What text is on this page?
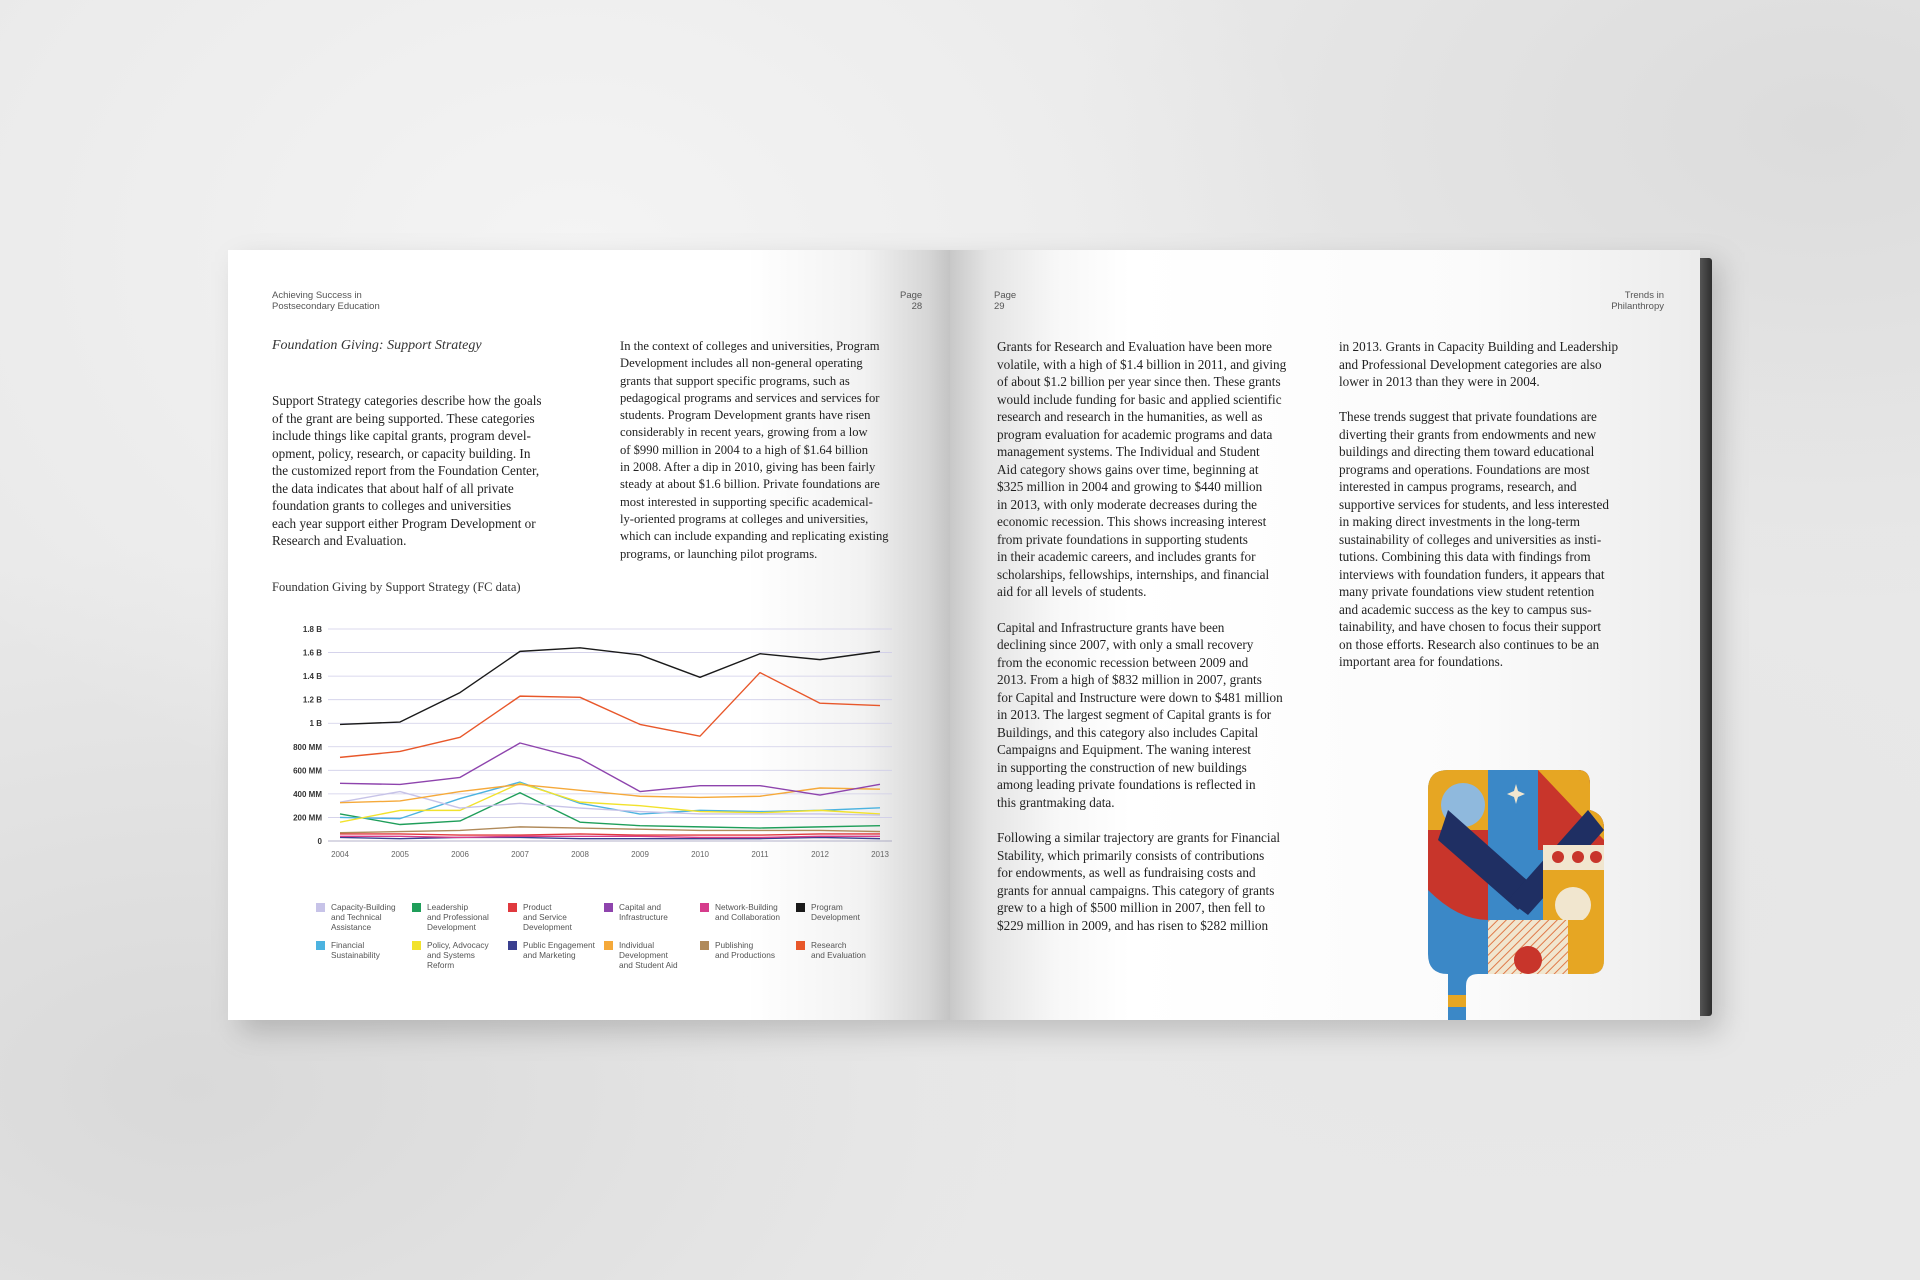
Achieving Success in
Postsecondary Education
Page
28
Foundation Giving: Support Strategy

Support Strategy categories describe how the goals
of the grant are being supported. These categories
include things like capital grants, program devel-
opment, policy, research, or capacity building. In
the customized report from the Foundation Center,
the data indicates that about half of all private
foundation grants to colleges and universities
each year support either Program Development or
Research and Evaluation.

In the context of colleges and universities, Program
Development includes all non-general operating
grants that support specific programs, such as
pedagogical programs and services and services for
students. Program Development grants have risen
considerably in recent years, growing from a low
of $990 million in 2004 to a high of $1.64 billion
in 2008. After a dip in 2010, giving has been fairly
steady at about $1.6 billion. Private foundations are
most interested in supporting specific academical-
ly-oriented programs at colleges and universities,
which can include expanding and replicating existing
programs, or launching pilot programs.

Foundation Giving by Support Strategy (FC data)
0
200 MM
400 MM
600 MM
800 MM
1 B
1.2 B
1.4 B
1.6 B
1.8 B
2004	2005	2006	2007	2008	2009	2010	2011	2012	2013
Capacity-Building
and Technical
Assistance
Leadership
and Professional
Development
Product
and Service
Development
Capital and
Infrastructure
Network-Building
and Collaboration
Program
Development
Financial
Sustainability
Policy, Advocacy
and Systems
Reform
Public Engagement
and Marketing
Individual Development
and Student Aid
Publishing
and Productions
Research
and Evaluation
Page
29
Trends in
Philanthropy

Grants for Research and Evaluation have been more
volatile, with a high of $1.4 billion in 2011, and giving
of about $1.2 billion per year since then. These grants
would include funding for basic and applied scientific
research and research in the humanities, as well as
program evaluation for academic programs and data
management systems. The Individual and Student
Aid category shows gains over time, beginning at
$325 million in 2004 and growing to $440 million
in 2013, with only moderate decreases during the
economic recession. This shows increasing interest
from private foundations in supporting students
in their academic careers, and includes grants for
scholarships, fellowships, internships, and financial
aid for all levels of students.

Capital and Infrastructure grants have been
declining since 2007, with only a small recovery
from the economic recession between 2009 and
2013. From a high of $832 million in 2007, grants
for Capital and Instructure were down to $481 million
in 2013. The largest segment of Capital grants is for
Buildings, and this category also includes Capital
Campaigns and Equipment. The waning interest
in supporting the construction of new buildings
among leading private foundations is reflected in
this grantmaking data.

Following a similar trajectory are grants for Financial
Stability, which primarily consists of contributions
for endowments, as well as fundraising costs and
grants for annual campaigns. This category of grants
grew to a high of $500 million in 2007, then fell to
$229 million in 2009, and has risen to $282 million

in 2013. Grants in Capacity Building and Leadership
and Professional Development categories are also
lower in 2013 than they were in 2004.

These trends suggest that private foundations are
diverting their grants from endowments and new
buildings and directing them toward educational
programs and operations. Foundations are most
interested in campus programs, research, and
supportive services for students, and less interested
in making direct investments in the long-term
sustainability of colleges and universities as insti-
tutions. Combining this data with findings from
interviews with foundation funders, it appears that
many private foundations view student retention
and academic success as the key to campus sus-
tainability, and have chosen to focus their support
on those efforts. Research also continues to be an
important area for foundations.
